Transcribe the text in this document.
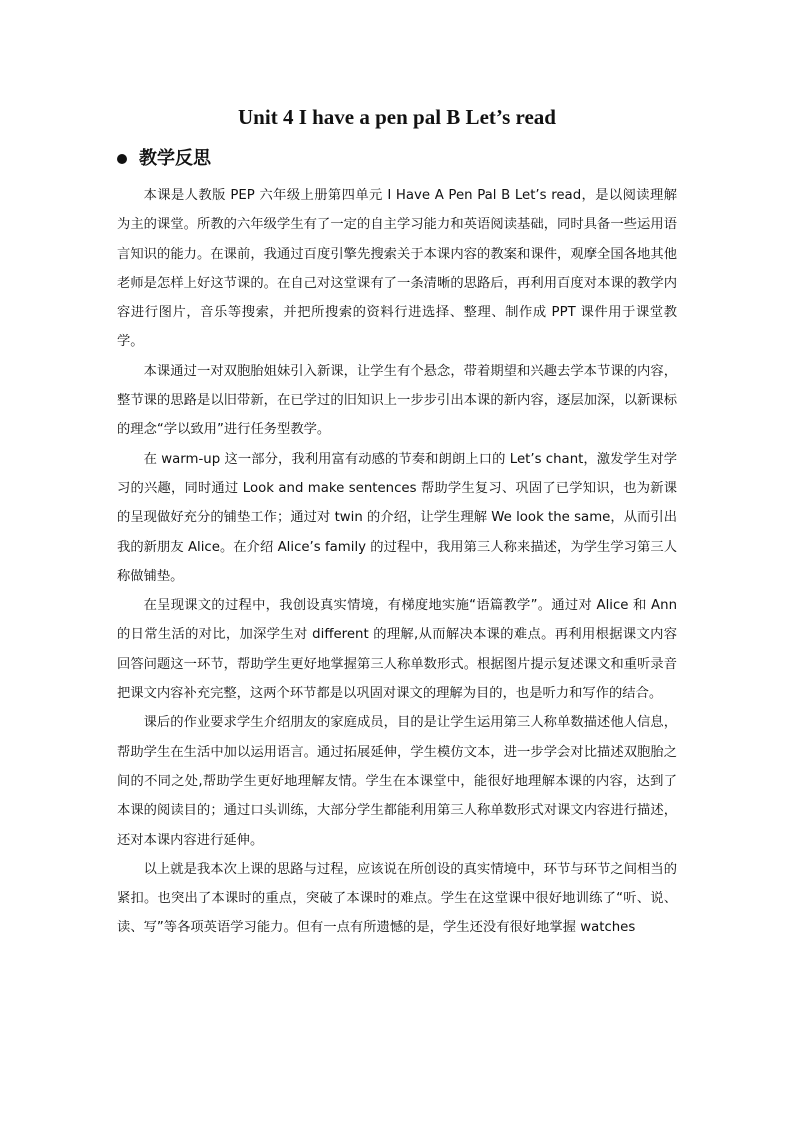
Unit 4 I have a pen pal B Let’s read
教学反思

本课是人教版 PEP 六年级上册第四单元 I Have A Pen Pal B Let’s read，是以阅读理解为主的课堂。所教的六年级学生有了一定的自主学习能力和英语阅读基础，同时具备一些运用语言知识的能力。在课前，我通过百度引擎先搜索关于本课内容的教案和课件，观摩全国各地其他老师是怎样上好这节课的。在自己对这堂课有了一条清晰的思路后，再利用百度对本课的教学内容进行图片，音乐等搜索，并把所搜索的资料行进选择、整理、制作成 PPT 课件用于课堂教学。

本课通过一对双胞胎姐妹引入新课，让学生有个悬念，带着期望和兴趣去学本节课的内容，整节课的思路是以旧带新，在已学过的旧知识上一步步引出本课的新内容，逐层加深，以新课标的理念“学以致用”进行任务型教学。

在 warm-up 这一部分，我利用富有动感的节奏和朗朗上口的 Let’s chant，激发学生对学习的兴趣，同时通过 Look and make sentences 帮助学生复习、巩固了已学知识，也为新课的呈现做好充分的铺垫工作；通过对 twin 的介绍，让学生理解 We look the same，从而引出我的新朋友 Alice。在介绍 Alice’s family 的过程中，我用第三人称来描述，为学生学习第三人称做铺垫。

在呈现课文的过程中，我创设真实情境，有梯度地实施“语篇教学”。通过对 Alice 和 Ann 的日常生活的对比，加深学生对 different 的理解,从而解决本课的难点。再利用根据课文内容回答问题这一环节，帮助学生更好地掌握第三人称单数形式。根据图片提示复述课文和重听录音把课文内容补充完整，这两个环节都是以巩固对课文的理解为目的，也是听力和写作的结合。

课后的作业要求学生介绍朋友的家庭成员，目的是让学生运用第三人称单数描述他人信息，帮助学生在生活中加以运用语言。通过拓展延伸，学生模仿文本，进一步学会对比描述双胞胎之间的不同之处,帮助学生更好地理解友情。学生在本课堂中，能很好地理解本课的内容，达到了本课的阅读目的；通过口头训练，大部分学生都能利用第三人称单数形式对课文内容进行描述，还对本课内容进行延伸。

以上就是我本次上课的思路与过程，应该说在所创设的真实情境中，环节与环节之间相当的紧扣。也突出了本课时的重点，突破了本课时的难点。学生在这堂课中很好地训练了“听、说、读、写”等各项英语学习能力。但有一点有所遗憾的是，学生还没有很好地掌握 watches
